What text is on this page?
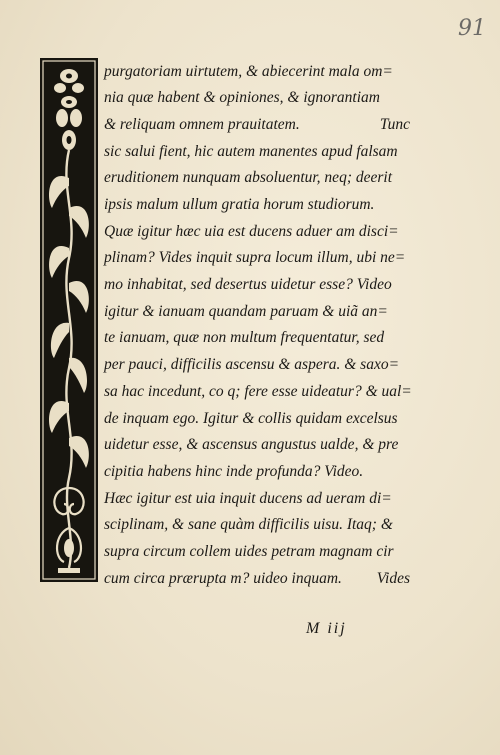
91
purgatoriam uirtutem, & abiecerint mala om=
nia quæ habent & opiniones, & ignorantiam
& reliquam omnem prauitatem.	Tunc
sic salui fient, hic autem manentes apud falsam
eruditionem nunquam absoluentur, neq; deerit
ipsis malum ullum gratia horum studiorum.
Quæ igitur hæc uia est ducens aduer am disci=
plinam? Vides inquit supra locum illum, ubi ne=
mo inhabitat, sed desertus uidetur esse? Video
igitur & ianuam quandam paruam & uiã an=
te ianuam, quæ non multum frequentatur, sed
per pauci, difficilis ascensu & aspera. & saxo=
sa hac incedunt, co q; fere esse uideatur? & ual=
de inquam ego. Igitur & collis quidam excelsus
uidetur esse, & ascensus angustus ualde, & pre
cipitia habens hinc inde profunda? Video.
Hæc igitur est uia inquit ducens ad ueram di=
sciplinam, & sane quàm difficilis uisu. Itaq; &
supra circum collem uides petram magnam cir
cum circa prærupta m? uideo inquam. Vides
M iij
